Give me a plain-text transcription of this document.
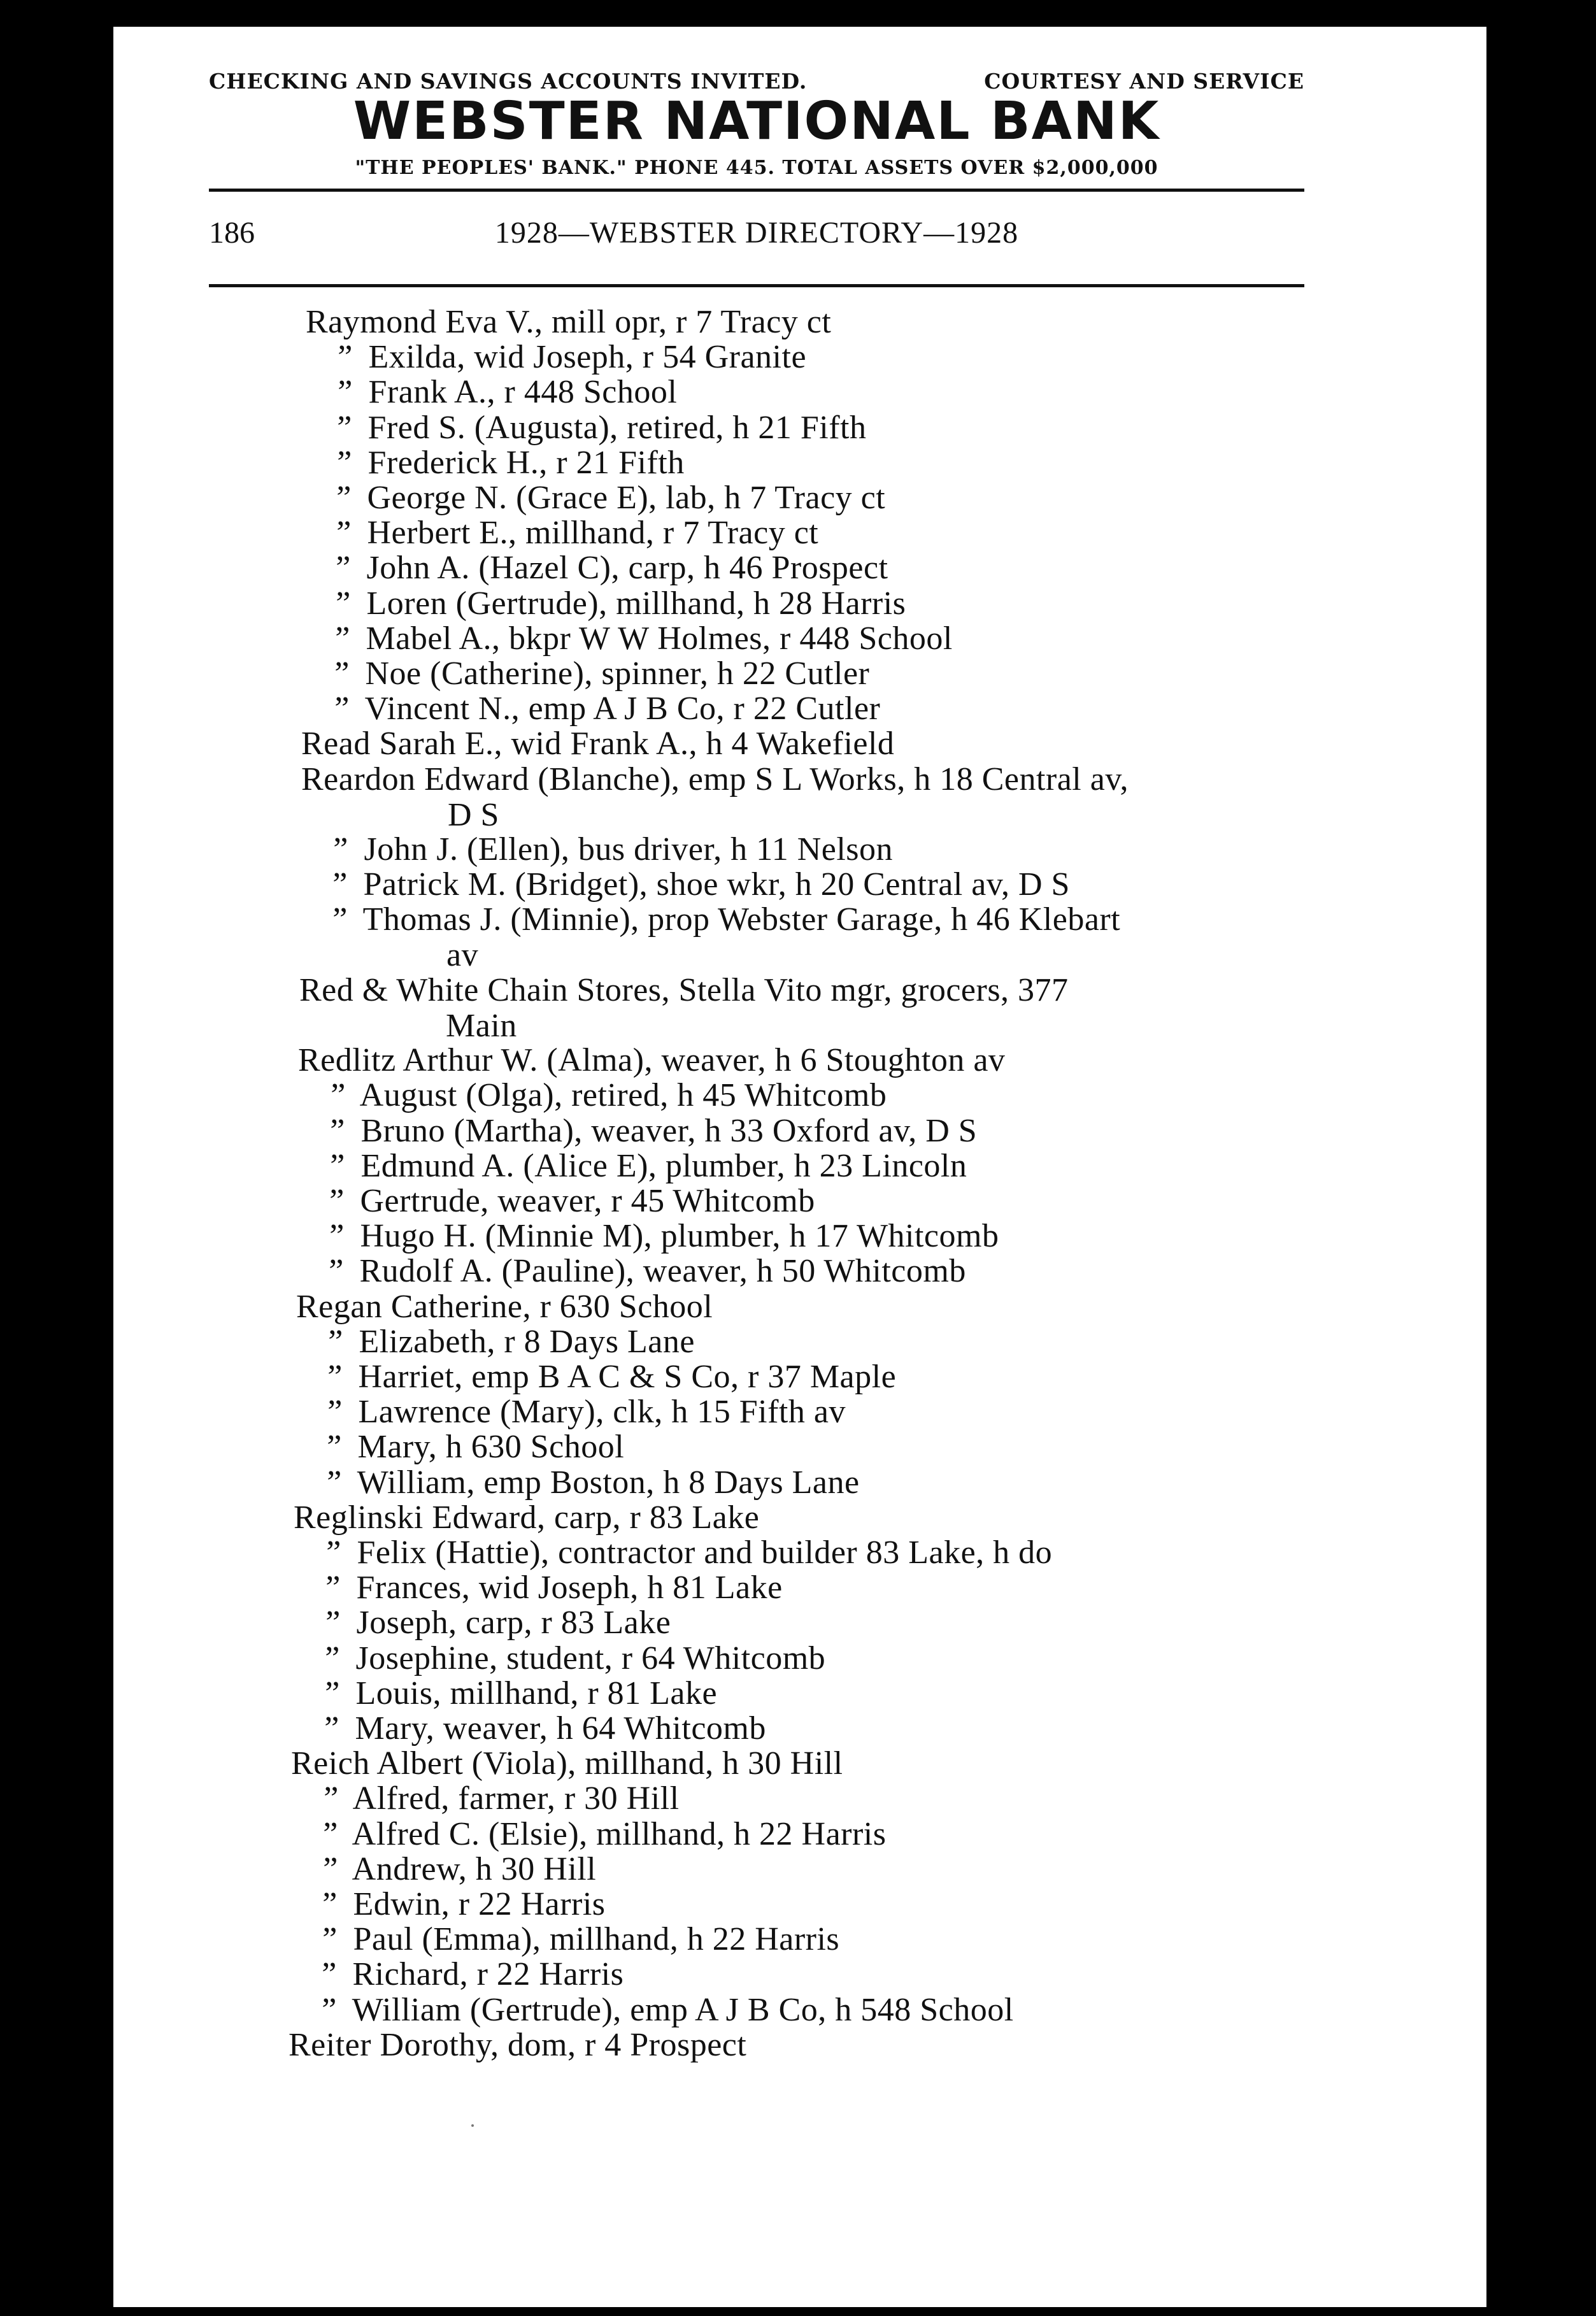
CHECKING AND SAVINGS ACCOUNTS INVITED.	COURTESY AND SERVICE
WEBSTER NATIONAL BANK
"THE PEOPLES' BANK." PHONE 445. TOTAL ASSETS OVER $2,000,000
186	1928—WEBSTER DIRECTORY—1928
Raymond Eva V., mill opr, r 7 Tracy ct
” Exilda, wid Joseph, r 54 Granite
” Frank A., r 448 School
” Fred S. (Augusta), retired, h 21 Fifth
” Frederick H., r 21 Fifth
” George N. (Grace E), lab, h 7 Tracy ct
” Herbert E., millhand, r 7 Tracy ct
” John A. (Hazel C), carp, h 46 Prospect
” Loren (Gertrude), millhand, h 28 Harris
” Mabel A., bkpr W W Holmes, r 448 School
” Noe (Catherine), spinner, h 22 Cutler
” Vincent N., emp A J B Co, r 22 Cutler
Read Sarah E., wid Frank A., h 4 Wakefield
Reardon Edward (Blanche), emp S L Works, h 18 Central av,
D S
” John J. (Ellen), bus driver, h 11 Nelson
” Patrick M. (Bridget), shoe wkr, h 20 Central av, D S
” Thomas J. (Minnie), prop Webster Garage, h 46 Klebart
av
Red & White Chain Stores, Stella Vito mgr, grocers, 377
Main
Redlitz Arthur W. (Alma), weaver, h 6 Stoughton av
” August (Olga), retired, h 45 Whitcomb
” Bruno (Martha), weaver, h 33 Oxford av, D S
” Edmund A. (Alice E), plumber, h 23 Lincoln
” Gertrude, weaver, r 45 Whitcomb
” Hugo H. (Minnie M), plumber, h 17 Whitcomb
” Rudolf A. (Pauline), weaver, h 50 Whitcomb
Regan Catherine, r 630 School
” Elizabeth, r 8 Days Lane
” Harriet, emp B A C & S Co, r 37 Maple
” Lawrence (Mary), clk, h 15 Fifth av
” Mary, h 630 School
” William, emp Boston, h 8 Days Lane
Reglinski Edward, carp, r 83 Lake
” Felix (Hattie), contractor and builder 83 Lake, h do
” Frances, wid Joseph, h 81 Lake
” Joseph, carp, r 83 Lake
” Josephine, student, r 64 Whitcomb
” Louis, millhand, r 81 Lake
” Mary, weaver, h 64 Whitcomb
Reich Albert (Viola), millhand, h 30 Hill
” Alfred, farmer, r 30 Hill
” Alfred C. (Elsie), millhand, h 22 Harris
” Andrew, h 30 Hill
” Edwin, r 22 Harris
” Paul (Emma), millhand, h 22 Harris
” Richard, r 22 Harris
” William (Gertrude), emp A J B Co, h 548 School
Reiter Dorothy, dom, r 4 Prospect
